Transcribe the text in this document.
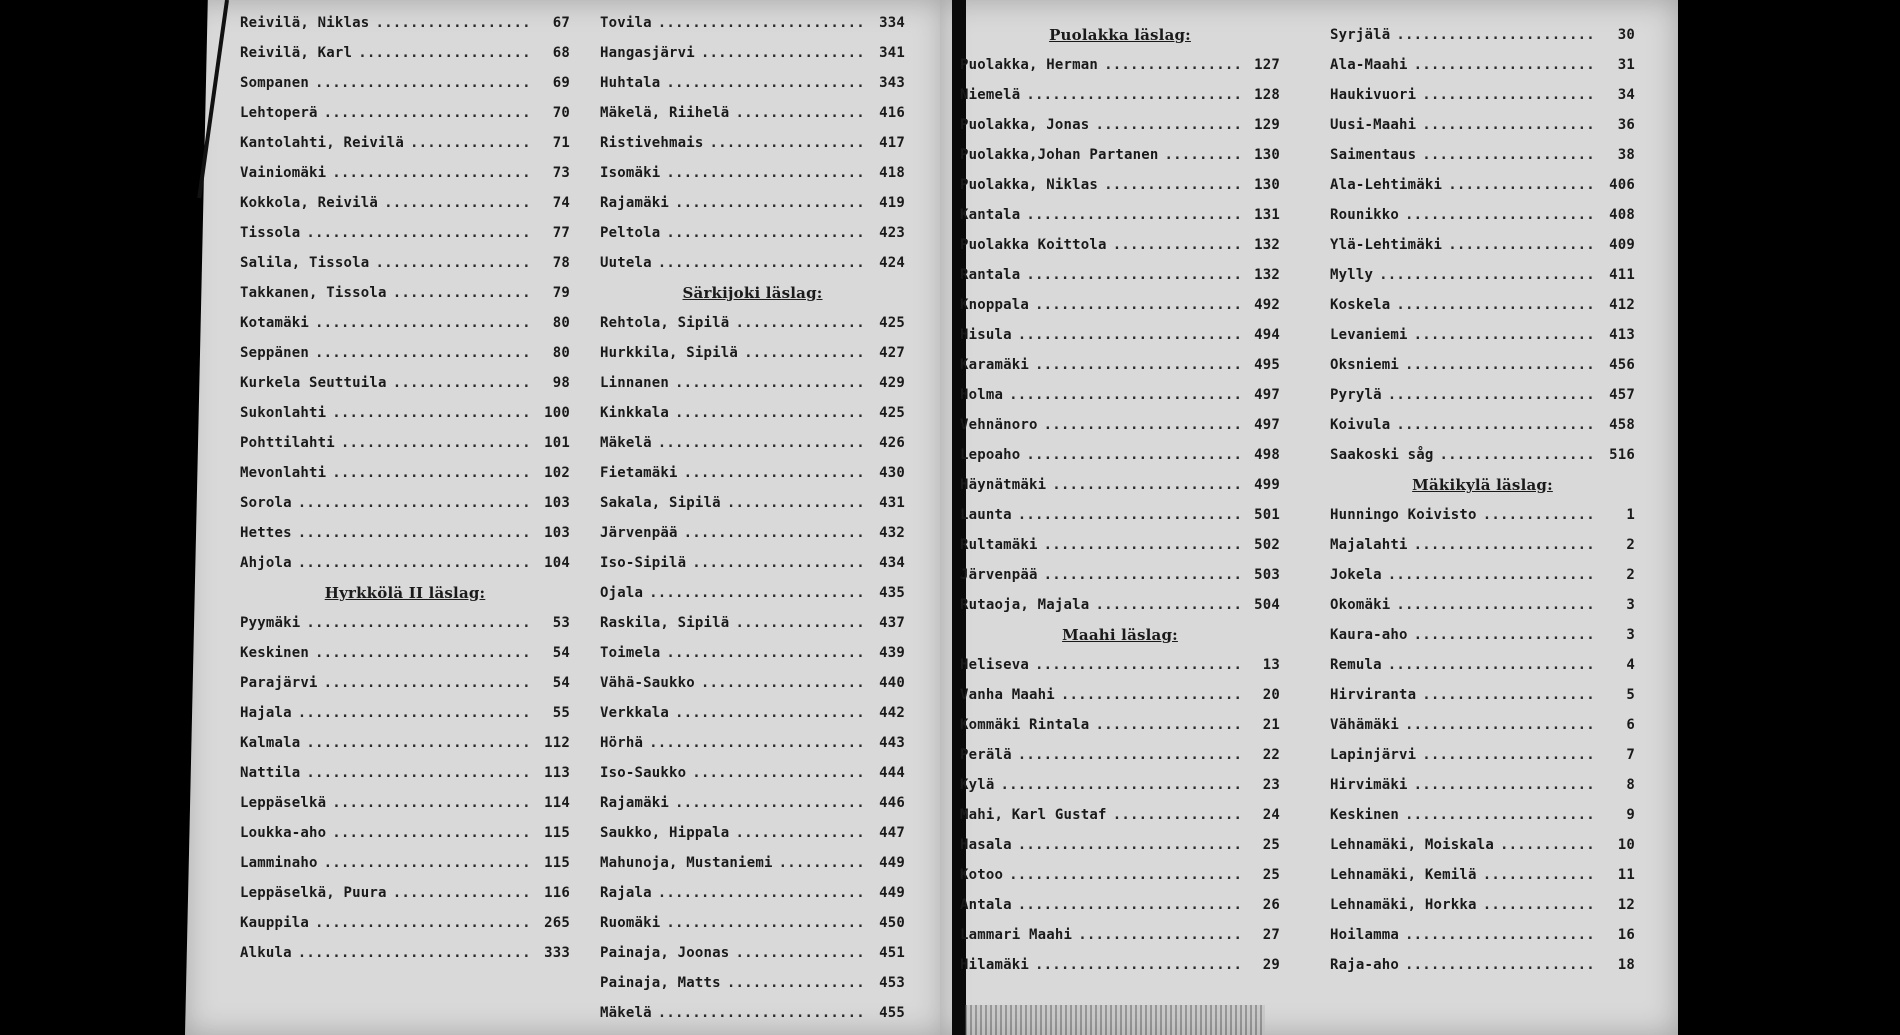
Reivilä, Niklas .....	67
Reivilä, Karl .....	68
Sompanen .....	69
Lehtoperä .....	70
Kantolahti, Reivilä .....	71
Vainiomäki .....	73
Kokkola, Reivilä .....	74
Tissola .....	77
Salila, Tissola .....	78
Takkanen, Tissola .....	79
Kotamäki .....	80
Seppänen .....	80
Kurkela Seuttuila .....	98
Sukonlahti .....	100
Pohttilahti .....	101
Mevonlahti .....	102
Sorola .....	103
Hettes .....	103
Ahjola .....	104
Hyrkkölä II läslag:
Pyymäki .....	53
Keskinen .....	54
Parajärvi .....	54
Hajala .....	55
Kalmala .....	112
Nattila .....	113
Leppäselkä .....	114
Loukka-aho .....	115
Lamminaho .....	115
Leppäselkä, Puura .....	116
Kauppila .....	265
Alkula .....	333
Tovila .....	334
Hangasjärvi .....	341
Huhtala .....	343
Mäkelä, Riihelä .....	416
Ristivehmais .....	417
Isomäki .....	418
Rajamäki .....	419
Peltola .....	423
Uutela .....	424
Särkijoki läslag:
Rehtola, Sipilä .....	425
Hurkkila, Sipilä .....	427
Linnanen .....	429
Kinkkala .....	425
Mäkelä .....	426
Fietamäki .....	430
Sakala, Sipilä .....	431
Järvenpää .....	432
Iso-Sipilä .....	434
Ojala .....	435
Raskila, Sipilä .....	437
Toimela .....	439
Vähä-Saukko .....	440
Verkkala .....	442
Hörhä .....	443
Iso-Saukko .....	444
Rajamäki .....	446
Saukko, Hippala .....	447
Mahunoja, Mustaniemi .....	449
Rajala .....	449
Ruomäki .....	450
Painaja, Joonas .....	451
Painaja, Matts .....	453
Mäkelä .....	455
Puolakka läslag:
Puolakka, Herman .....	127
Niemelä .....	128
Puolakka, Jonas .....	129
Puolakka,Johan Partanen .....	130
Puolakka, Niklas .....	130
Kantala .....	131
Puolakka Koittola .....	132
Rantala .....	132
Knoppala .....	492
Hisula .....	494
Karamäki .....	495
Holma .....	497
Vehnänoro .....	497
Lepoaho .....	498
Häynätmäki .....	499
Launta .....	501
Rultamäki .....	502
Järvenpää .....	503
Rutaoja, Majala .....	504
Maahi läslag:
Heliseva .....	13
Vanha Maahi .....	20
Kommäki Rintala .....	21
Perälä .....	22
Kylä .....	23
Mahi, Karl Gustaf .....	24
Hasala .....	25
Kotoo .....	25
Antala .....	26
Lammari Maahi .....	27
Hilamäki .....	29
Syrjälä .....	30
Ala-Maahi .....	31
Haukivuori .....	34
Uusi-Maahi .....	36
Saimentaus .....	38
Ala-Lehtimäki .....	406
Rounikko .....	408
Ylä-Lehtimäki .....	409
Mylly .....	411
Koskela .....	412
Levaniemi .....	413
Oksniemi .....	456
Pyrylä .....	457
Koivula .....	458
Saakoski såg .....	516
Mäkikylä läslag:
Hunningo Koivisto .....	1
Majalahti .....	2
Jokela .....	2
Okomäki .....	3
Kaura-aho .....	3
Remula .....	4
Hirviranta .....	5
Vähämäki .....	6
Lapinjärvi .....	7
Hirvimäki .....	8
Keskinen .....	9
Lehnamäki, Moiskala .....	10
Lehnamäki, Kemilä .....	11
Lehnamäki, Horkka .....	12
Hoilamma .....	16
Raja-aho .....	18
